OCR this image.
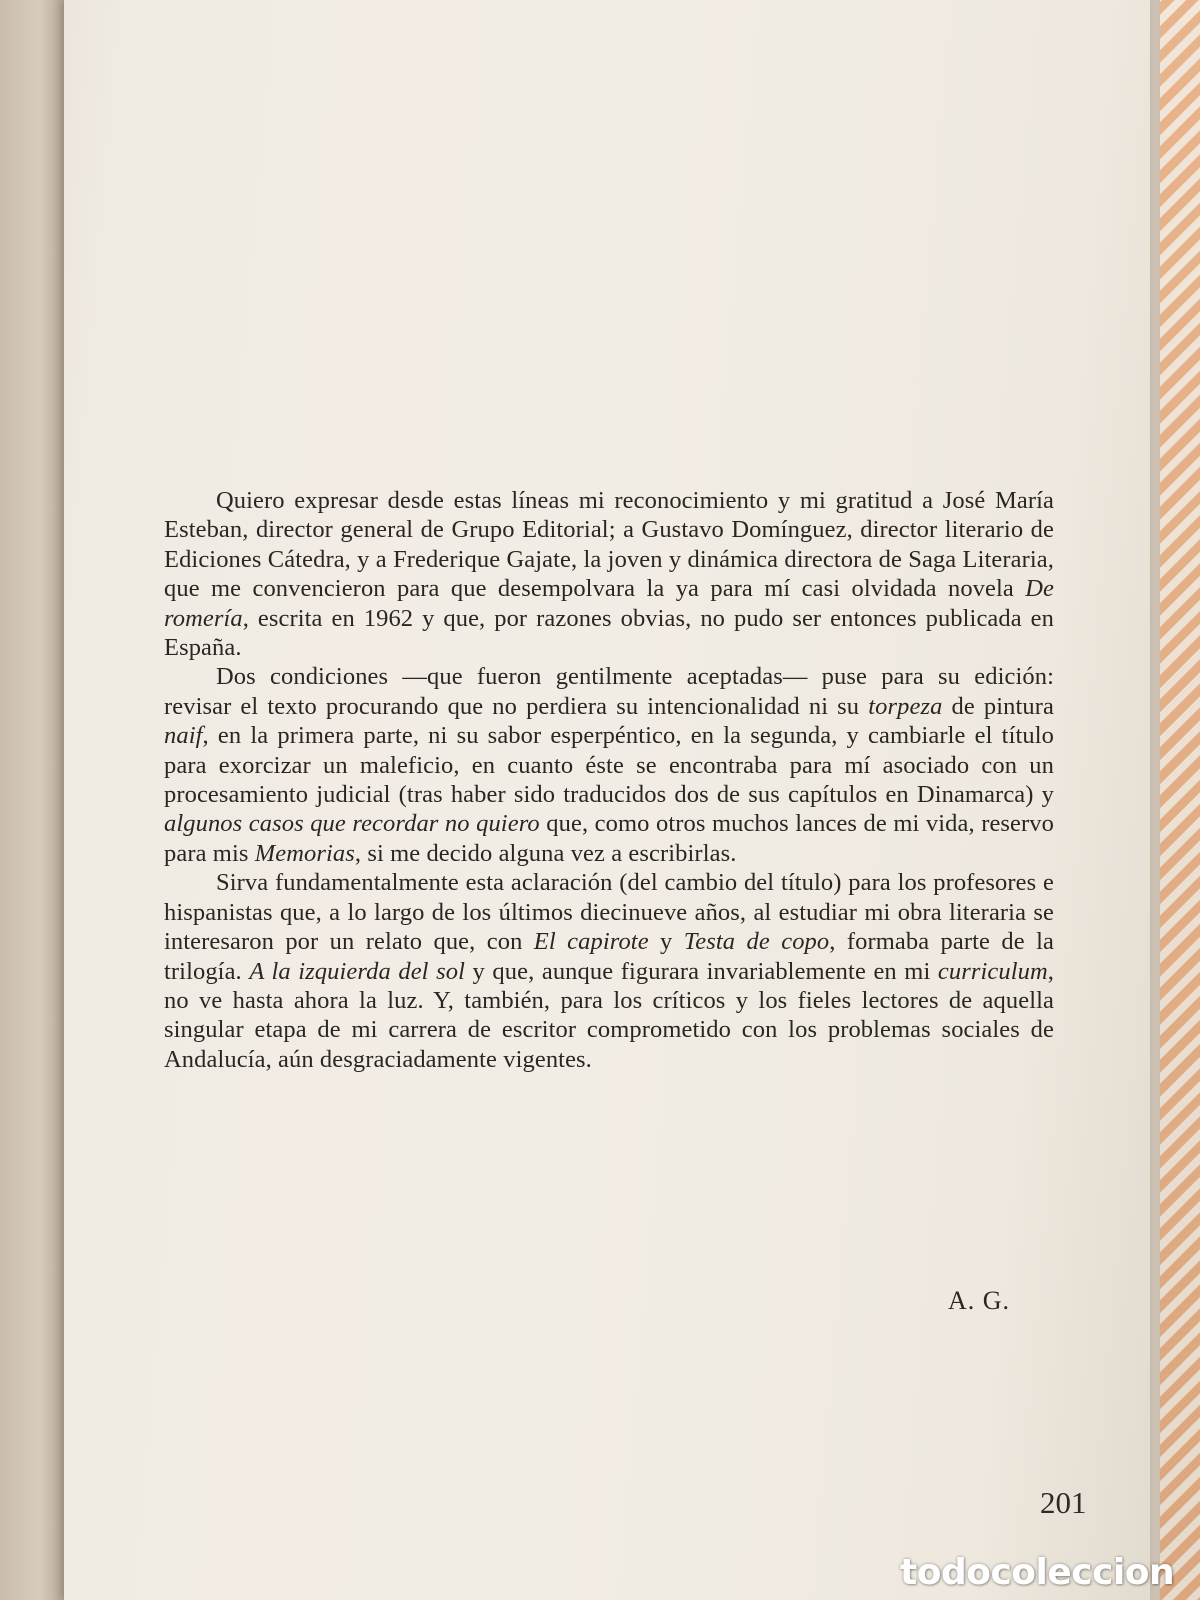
Quiero expresar desde estas líneas mi reconocimiento y mi gratitud a José María Esteban, director general de Grupo Editorial; a Gustavo Domínguez, director literario de Ediciones Cátedra, y a Frederique Gajate, la joven y dinámica directora de Saga Literaria, que me convencieron para que desempolvara la ya para mí casi olvidada novela De romería, escrita en 1962 y que, por razones obvias, no pudo ser entonces publicada en España.

Dos condiciones —que fueron gentilmente aceptadas— puse para su edición: revisar el texto procurando que no perdiera su intencionalidad ni su torpeza de pintura naif, en la primera parte, ni su sabor esperpéntico, en la segunda, y cambiarle el título para exorcizar un maleficio, en cuanto éste se encontraba para mí asociado con un procesamiento judicial (tras haber sido traducidos dos de sus capítulos en Dinamarca) y algunos casos que recordar no quiero que, como otros muchos lances de mi vida, reservo para mis Memorias, si me decido alguna vez a escribirlas.

Sirva fundamentalmente esta aclaración (del cambio del título) para los profesores e hispanistas que, a lo largo de los últimos diecinueve años, al estudiar mi obra literaria se interesaron por un relato que, con El capirote y Testa de copo, formaba parte de la trilogía. A la izquierda del sol y que, aunque figurara invariablemente en mi curriculum, no ve hasta ahora la luz. Y, también, para los críticos y los fieles lectores de aquella singular etapa de mi carrera de escritor comprometido con los problemas sociales de Andalucía, aún desgraciadamente vigentes.

A. G.
201
todocoleccion
